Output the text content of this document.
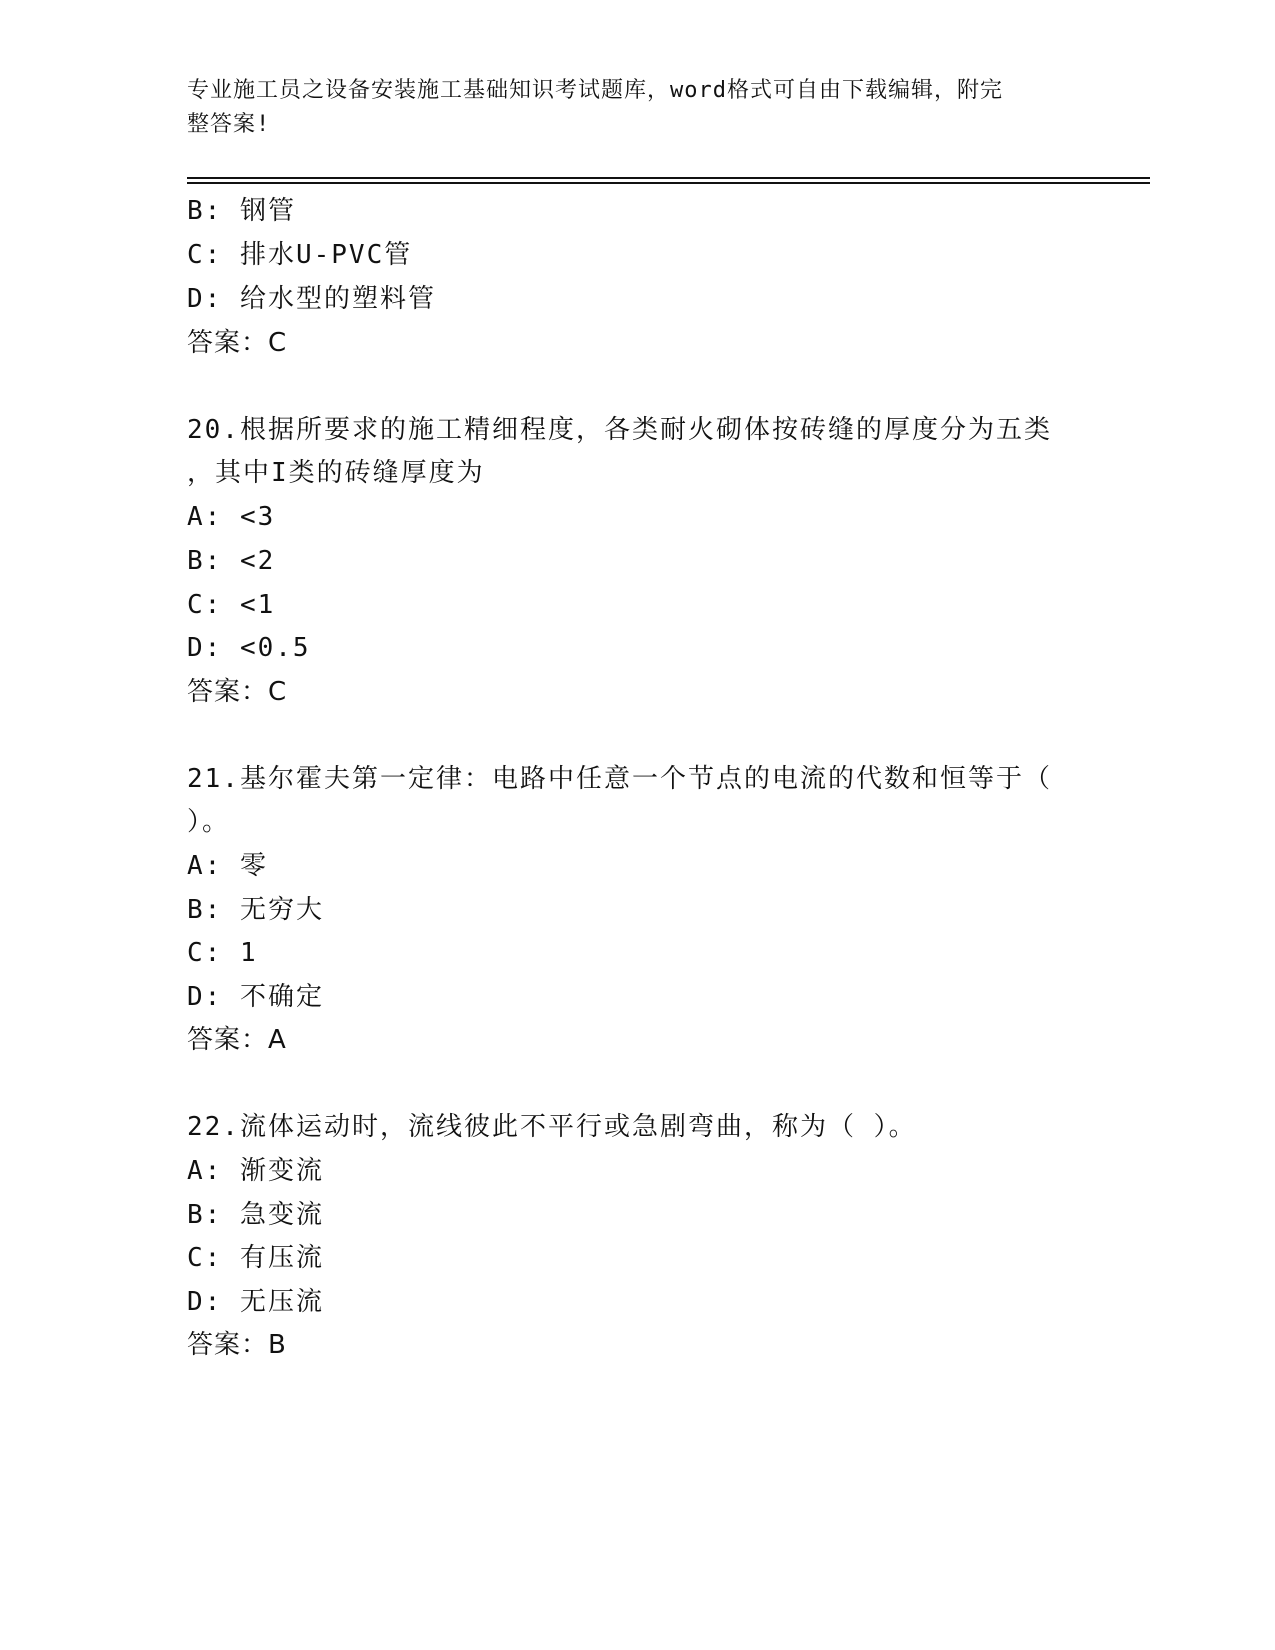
专业施工员之设备安装施工基础知识考试题库，word格式可自由下载编辑，附完
整答案!
B: 钢管
C: 排水U-PVC管
D: 给水型的塑料管
答案：C
20.根据所要求的施工精细程度，各类耐火砌体按砖缝的厚度分为五类
，其中I类的砖缝厚度为
A: <3
B: <2
C: <1
D: <0.5
答案：C
21.基尔霍夫第一定律：电路中任意一个节点的电流的代数和恒等于（
）。
A: 零
B: 无穷大
C: 1
D: 不确定
答案：A
22.流体运动时，流线彼此不平行或急剧弯曲，称为（ ）。
A: 渐变流
B: 急变流
C: 有压流
D: 无压流
答案：B
